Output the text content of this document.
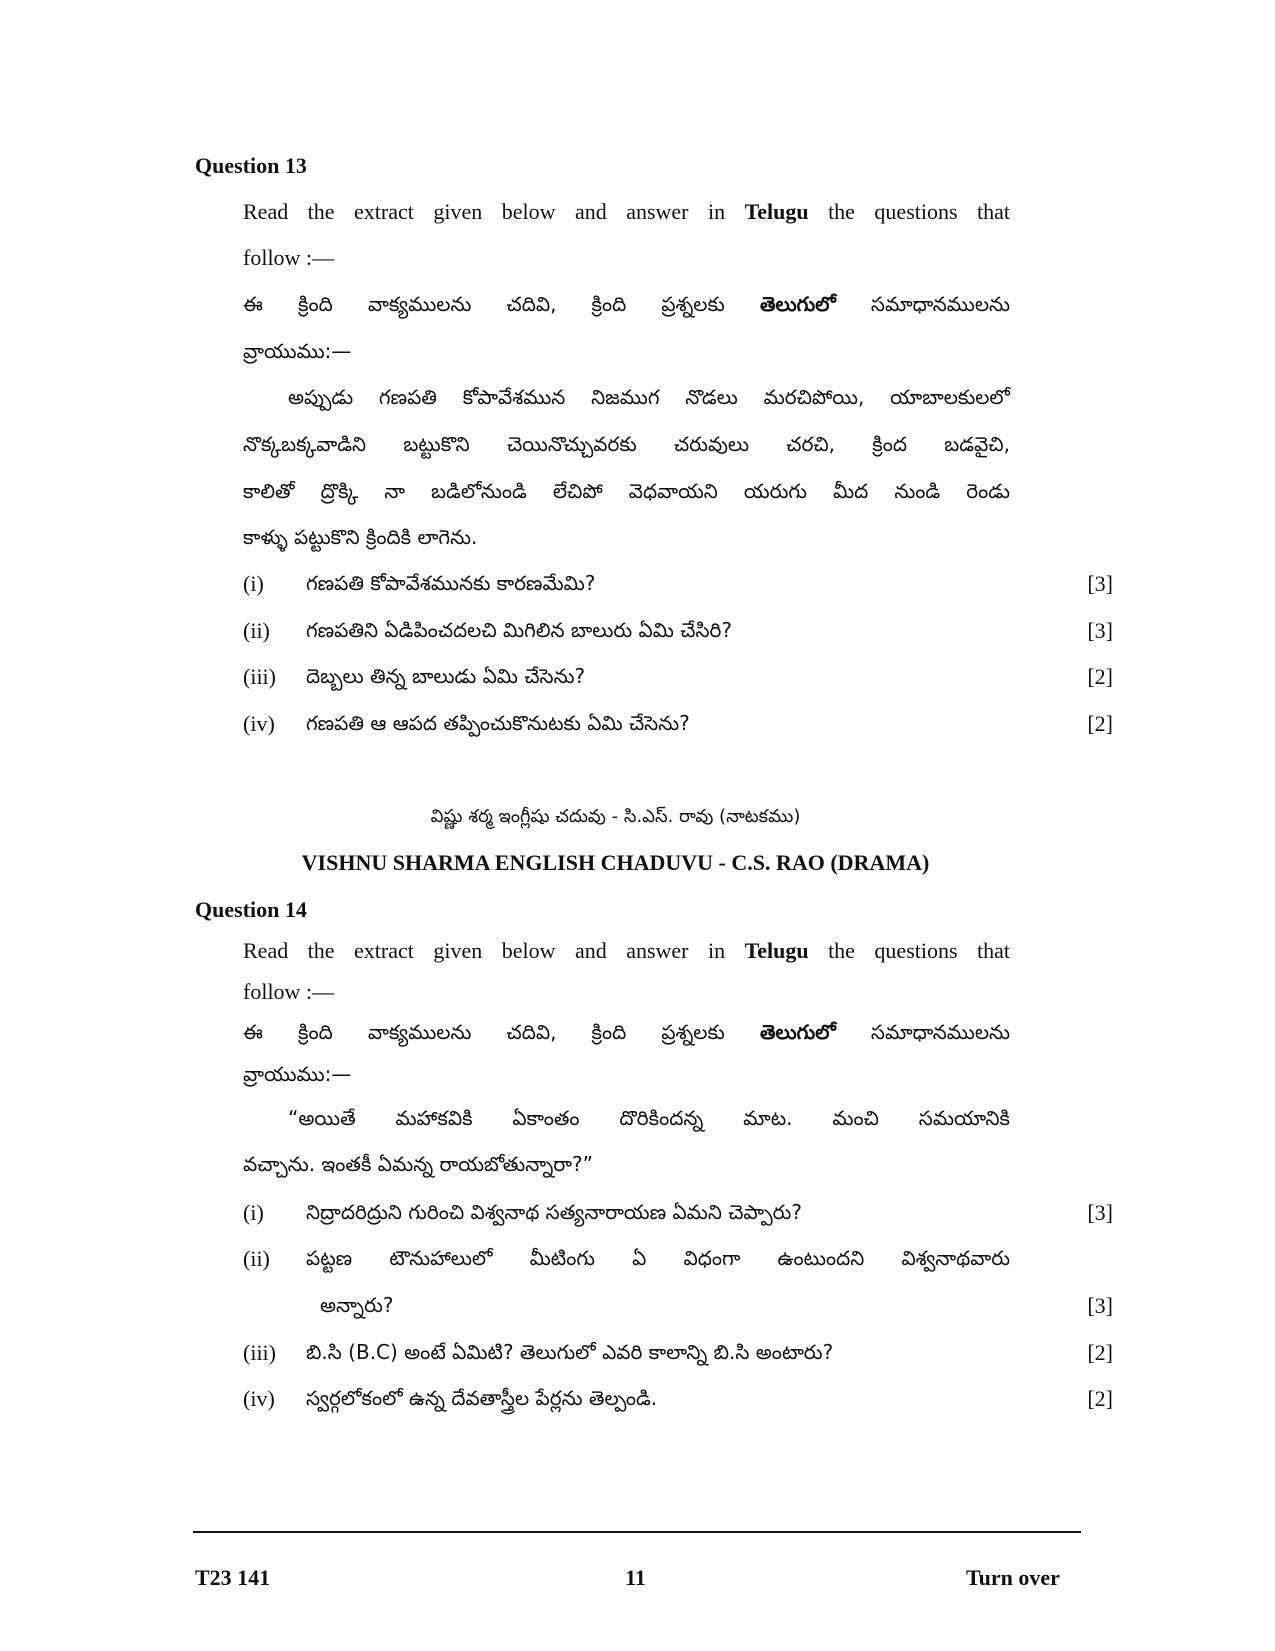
Question 13
Read the extract given below and answer in Telugu the questions that
follow :—
ఈ క్రింది వాక్యములను చదివి, క్రింది ప్రశ్నలకు తెలుగులో సమాధానములను
వ్రాయుము:—
అప్పుడు గణపతి కోపావేశమున నిజముగ నొడలు మరచిపోయి, యాబాలకులలో
నొక్కబక్కవాడిని బట్టుకొని చెయినొచ్చువరకు చరువులు చరచి, క్రింద బడవైచి,
కాలితో ద్రొక్కి నా బడిలోనుండి లేచిపో వెధవాయని యరుగు మీద నుండి రెండు
కాళ్ళు పట్టుకొని క్రిందికి లాగెను.
(i) గణపతి కోపావేశమునకు కారణమేమి?	[3]
(ii) గణపతిని ఏడిపించదలచి మిగిలిన బాలురు ఏమి చేసిరి?	[3]
(iii) దెబ్బలు తిన్న బాలుడు ఏమి చేసెను?	[2]
(iv) గణపతి ఆ ఆపద తప్పించుకొనుటకు ఏమి చేసెను?	[2]
విష్ణు శర్మ ఇంగ్లీషు చదువు - సి.ఎస్. రావు (నాటకము)
VISHNU SHARMA ENGLISH CHADUVU - C.S. RAO (DRAMA)
Question 14
Read the extract given below and answer in Telugu the questions that
follow :—
ఈ క్రింది వాక్యములను చదివి, క్రింది ప్రశ్నలకు తెలుగులో సమాధానములను
వ్రాయుము:—
“అయితే మహాకవికి ఏకాంతం దొరికిందన్న మాట. మంచి సమయానికి
వచ్చాను. ఇంతకీ ఏమన్న రాయబోతున్నారా?”
(i) నిద్రాదరిద్రుని గురించి విశ్వనాథ సత్యనారాయణ ఏమని చెప్పారు?	[3]
(ii) పట్టణ టౌనుహాలులో మీటింగు ఏ విధంగా ఉంటుందని విశ్వనాథవారు
అన్నారు?	[3]
(iii) బి.సి (B.C) అంటే ఏమిటి? తెలుగులో ఎవరి కాలాన్ని బి.సి అంటారు?	[2]
(iv) స్వర్గలోకంలో ఉన్న దేవతాస్త్రీల పేర్లను తెల్పండి.	[2]
T23 141	11	Turn over
